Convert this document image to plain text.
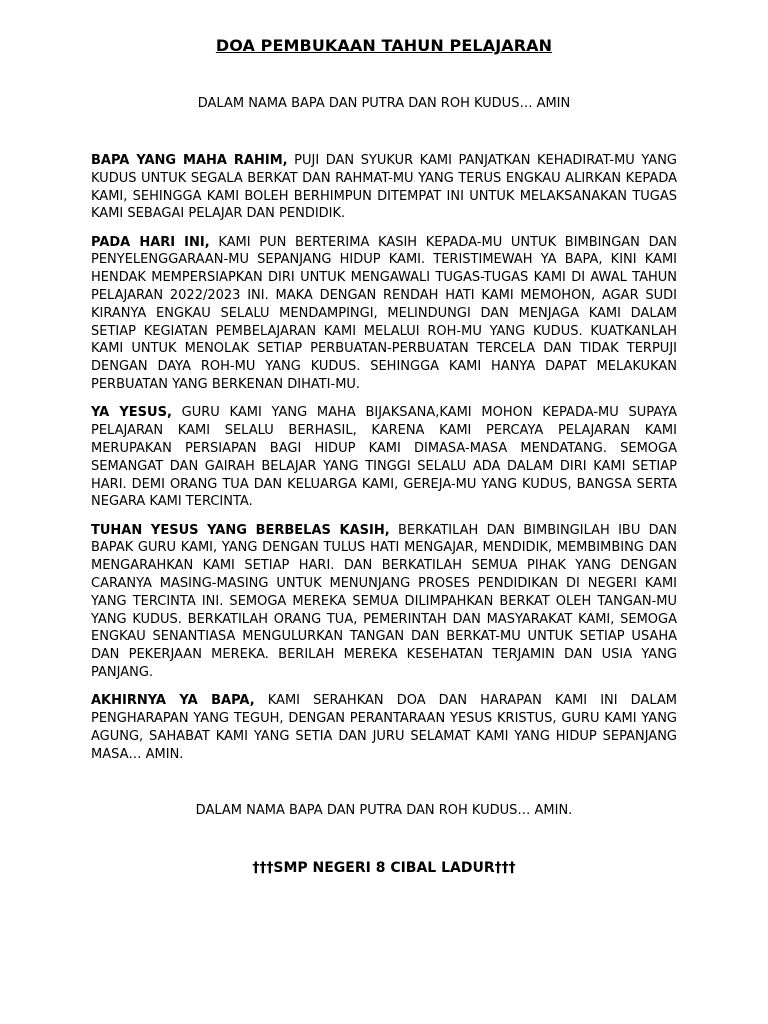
DOA PEMBUKAAN TAHUN PELAJARAN
DALAM NAMA BAPA DAN PUTRA DAN ROH KUDUS… AMIN

BAPA YANG MAHA RAHIM, PUJI DAN SYUKUR KAMI PANJATKAN KEHADIRAT-MU YANG KUDUS UNTUK SEGALA BERKAT DAN RAHMAT-MU YANG TERUS ENGKAU ALIRKAN KEPADA KAMI, SEHINGGA KAMI BOLEH BERHIMPUN DITEMPAT INI UNTUK MELAKSANAKAN TUGAS KAMI SEBAGAI PELAJAR DAN PENDIDIK.

PADA HARI INI, KAMI PUN BERTERIMA KASIH KEPADA-MU UNTUK BIMBINGAN DAN PENYELENGGARAAN-MU SEPANJANG HIDUP KAMI. TERISTIMEWAH YA BAPA, KINI KAMI HENDAK MEMPERSIAPKAN DIRI UNTUK MENGAWALI TUGAS-TUGAS KAMI DI AWAL TAHUN PELAJARAN 2022/2023 INI. MAKA DENGAN RENDAH HATI KAMI MEMOHON, AGAR SUDI KIRANYA ENGKAU SELALU MENDAMPINGI, MELINDUNGI DAN MENJAGA KAMI DALAM SETIAP KEGIATAN PEMBELAJARAN KAMI MELALUI ROH-MU YANG KUDUS. KUATKANLAH KAMI UNTUK MENOLAK SETIAP PERBUATAN-PERBUATAN TERCELA DAN TIDAK TERPUJI DENGAN DAYA ROH-MU YANG KUDUS. SEHINGGA KAMI HANYA DAPAT MELAKUKAN PERBUATAN YANG BERKENAN DIHATI-MU.

YA YESUS, GURU KAMI YANG MAHA BIJAKSANA,KAMI MOHON KEPADA-MU SUPAYA PELAJARAN KAMI SELALU BERHASIL, KARENA KAMI PERCAYA PELAJARAN KAMI MERUPAKAN PERSIAPAN BAGI HIDUP KAMI DIMASA-MASA MENDATANG. SEMOGA SEMANGAT DAN GAIRAH BELAJAR YANG TINGGI SELALU ADA DALAM DIRI KAMI SETIAP HARI. DEMI ORANG TUA DAN KELUARGA KAMI, GEREJA-MU YANG KUDUS, BANGSA SERTA NEGARA KAMI TERCINTA.

TUHAN YESUS YANG BERBELAS KASIH, BERKATILAH DAN BIMBINGILAH IBU DAN BAPAK GURU KAMI, YANG DENGAN TULUS HATI MENGAJAR, MENDIDIK, MEMBIMBING DAN MENGARAHKAN KAMI SETIAP HARI. DAN BERKATILAH SEMUA PIHAK YANG DENGAN CARANYA MASING-MASING UNTUK MENUNJANG PROSES PENDIDIKAN DI NEGERI KAMI YANG TERCINTA INI. SEMOGA MEREKA SEMUA DILIMPAHKAN BERKAT OLEH TANGAN-MU YANG KUDUS. BERKATILAH ORANG TUA, PEMERINTAH DAN MASYARAKAT KAMI, SEMOGA ENGKAU SENANTIASA MENGULURKAN TANGAN DAN BERKAT-MU UNTUK SETIAP USAHA DAN PEKERJAAN MEREKA. BERILAH MEREKA KESEHATAN TERJAMIN DAN USIA YANG PANJANG.

AKHIRNYA YA BAPA, KAMI SERAHKAN DOA DAN HARAPAN KAMI INI DALAM PENGHARAPAN YANG TEGUH, DENGAN PERANTARAAN YESUS KRISTUS, GURU KAMI YANG AGUNG, SAHABAT KAMI YANG SETIA DAN JURU SELAMAT KAMI YANG HIDUP SEPANJANG MASA… AMIN.

DALAM NAMA BAPA DAN PUTRA DAN ROH KUDUS… AMIN.
†††SMP NEGERI 8 CIBAL LADUR†††
